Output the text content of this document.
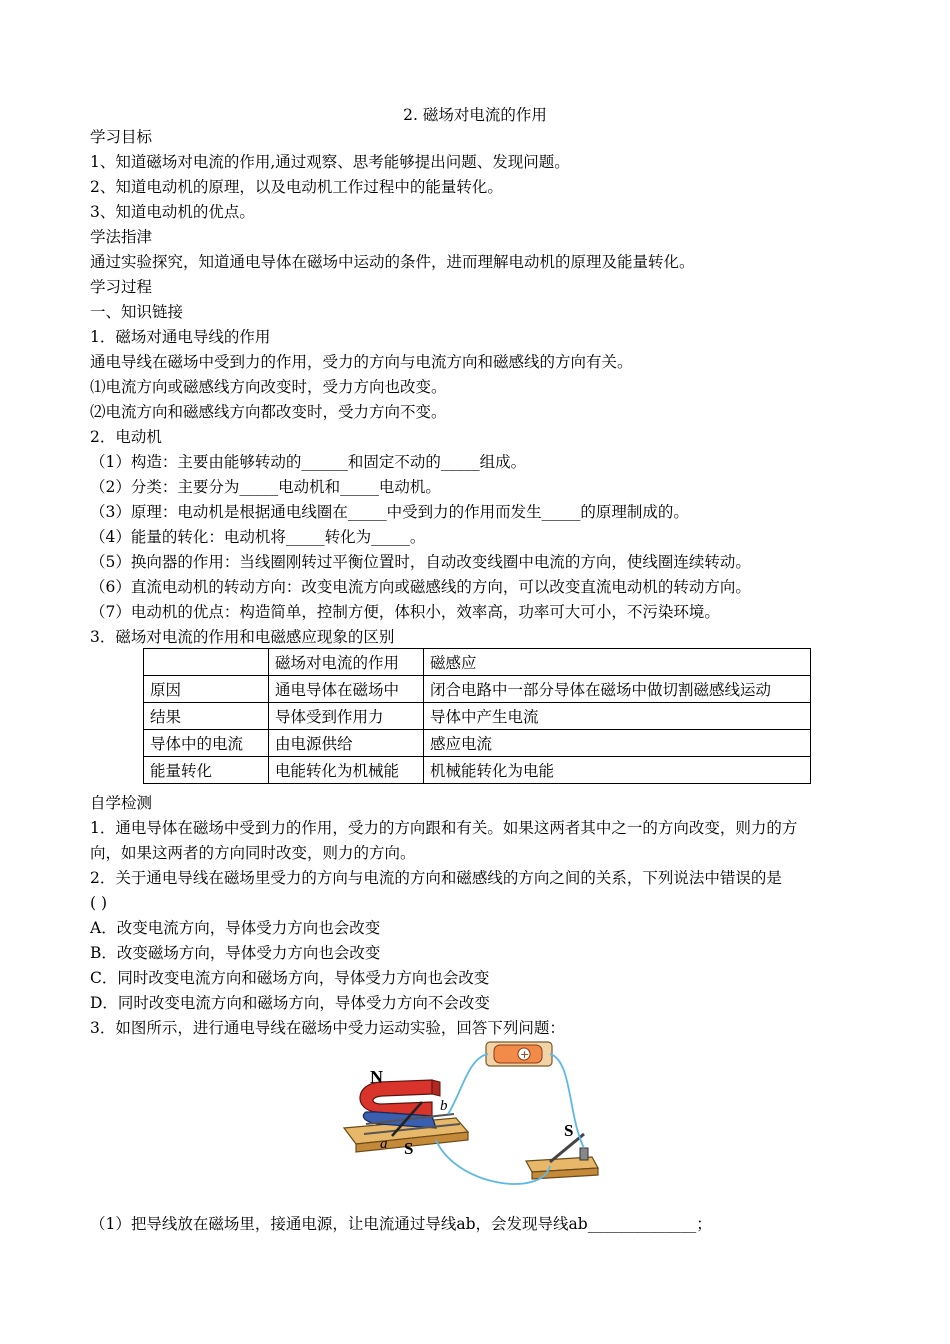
2. 磁场对电流的作用
学习目标
1、知道磁场对电流的作用,通过观察、思考能够提出问题、发现问题。
2、知道电动机的原理，以及电动机工作过程中的能量转化。
3、知道电动机的优点。
学法指津
通过实验探究，知道通电导体在磁场中运动的条件，进而理解电动机的原理及能量转化。
学习过程
一、知识链接
1．磁场对通电导线的作用
通电导线在磁场中受到力的作用，受力的方向与电流方向和磁感线的方向有关。
⑴电流方向或磁感线方向改变时，受力方向也改变。
⑵电流方向和磁感线方向都改变时，受力方向不变。
2．电动机
（1）构造：主要由能够转动的______和固定不动的_____组成。
（2）分类：主要分为_____电动机和_____电动机。
（3）原理：电动机是根据通电线圈在_____中受到力的作用而发生_____的原理制成的。
（4）能量的转化：电动机将_____转化为_____。
（5）换向器的作用：当线圈刚转过平衡位置时，自动改变线圈中电流的方向，使线圈连续转动。
（6）直流电动机的转动方向：改变电流方向或磁感线的方向，可以改变直流电动机的转动方向。
（7）电动机的优点：构造简单，控制方便，体积小，效率高，功率可大可小，不污染环境。
3．磁场对电流的作用和电磁感应现象的区别
	磁场对电流的作用	磁感应
原因	通电导体在磁场中	闭合电路中一部分导体在磁场中做切割磁感线运动
结果	导体受到作用力	导体中产生电流
导体中的电流	由电源供给	感应电流
能量转化	电能转化为机械能	机械能转化为电能
自学检测
1．通电导体在磁场中受到力的作用，受力的方向跟和有关。如果这两者其中之一的方向改变，则力的方
向，如果这两者的方向同时改变，则力的方向。
2．关于通电导线在磁场里受力的方向与电流的方向和磁感线的方向之间的关系，下列说法中错误的是
( )
A．改变电流方向，导体受力方向也会改变
B．改变磁场方向，导体受力方向也会改变
C．同时改变电流方向和磁场方向，导体受力方向也会改变
D．同时改变电流方向和磁场方向，导体受力方向不会改变
3．如图所示，进行通电导线在磁场中受力运动实验，回答下列问题：
N
S
a
b
+
S
（1）把导线放在磁场里，接通电源，让电流通过导线ab，会发现导线ab______________；
